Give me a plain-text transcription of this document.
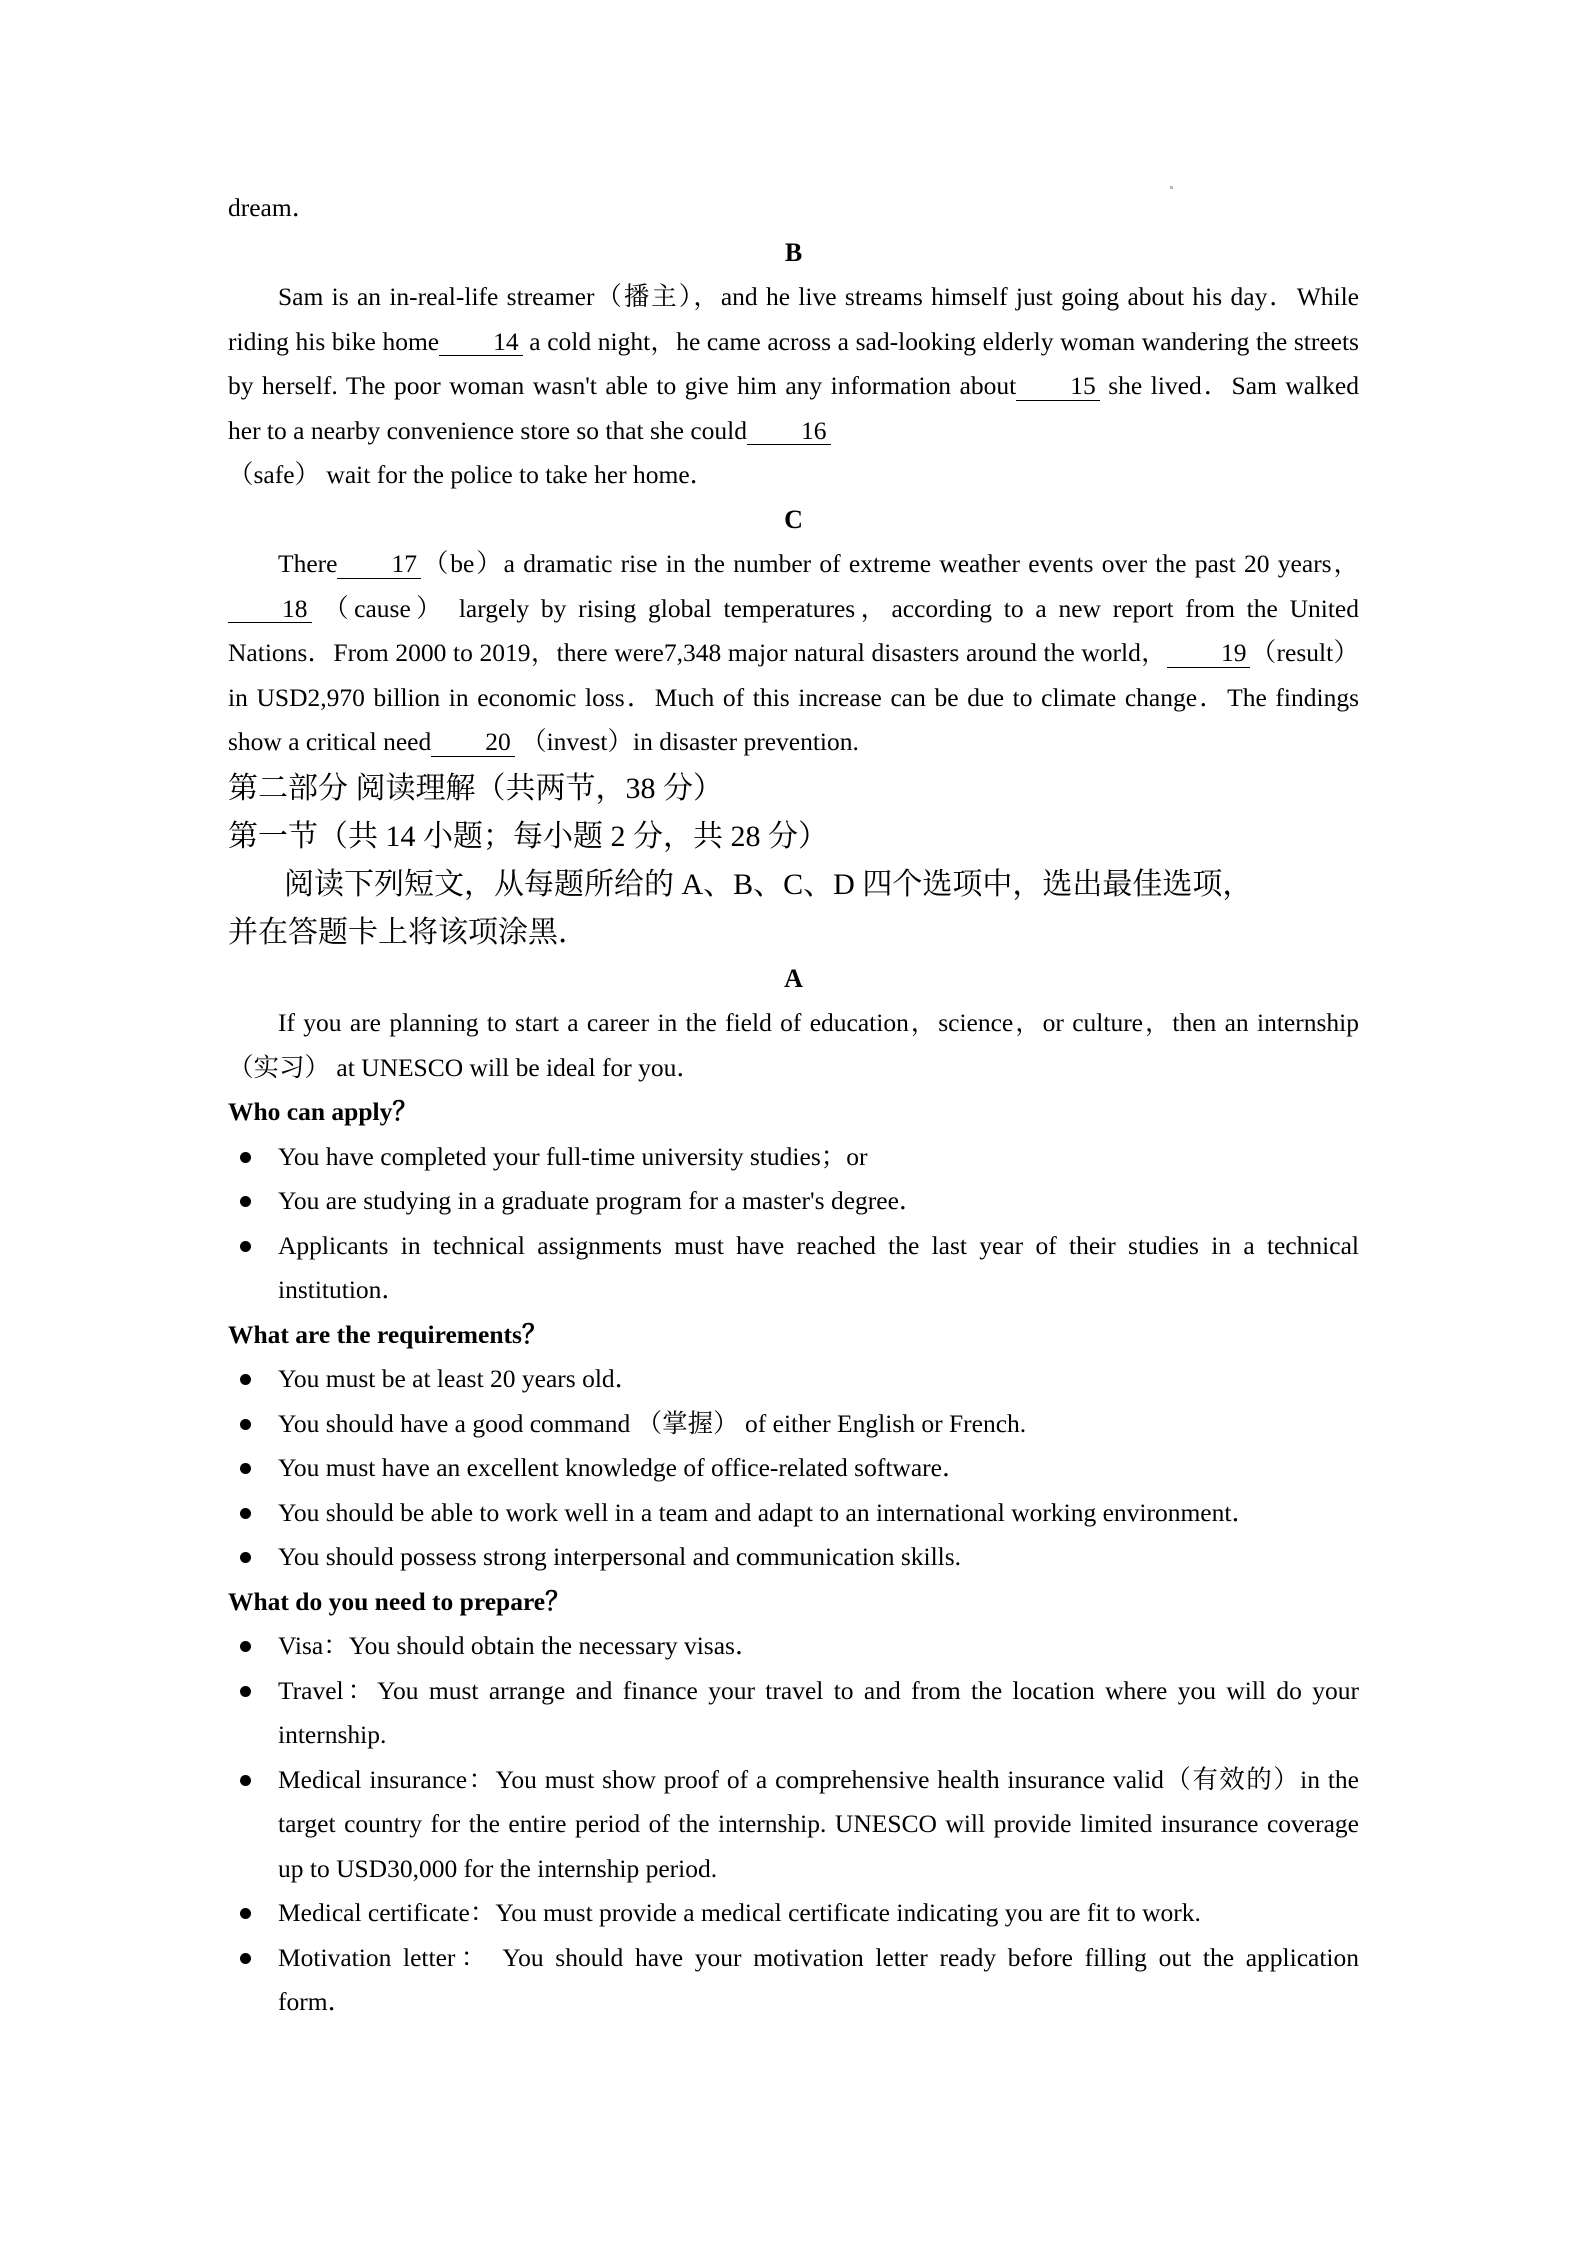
dream．

B

Sam is an in-real-life streamer（播主），and he live streams himself just going about his day．While riding his bike home 14 a cold night，he came across a sad-looking elderly woman wandering the streets by herself. The poor woman wasn't able to give him any information about 15 she lived．Sam walked her to a nearby convenience store so that she could 16

（safe） wait for the police to take her home．

C

There 17 （be）a dramatic rise in the number of extreme weather events over the past 20 years，18 （cause） largely by rising global temperatures，according to a new report from the United Nations．From 2000 to 2019，there were7,348 major natural disasters around the world， 19 （result） in USD2,970 billion in economic loss．Much of this increase can be due to climate change．The findings show a critical need 20 （invest）in disaster prevention.

第二部分 阅读理解（共两节，38 分）

第一节（共 14 小题；每小题 2 分，共 28 分）

阅读下列短文，从每题所给的 A、B、C、D 四个选项中，选出最佳选项，

并在答题卡上将该项涂黑．

A

If you are planning to start a career in the field of education，science，or culture，then an internship（实习） at UNESCO will be ideal for you．

Who can apply？

You have completed your full-time university studies；or
You are studying in a graduate program for a master's degree．
Applicants in technical assignments must have reached the last year of their studies in a technical institution．

What are the requirements？

You must be at least 20 years old．
You should have a good command （掌握） of either English or French.
You must have an excellent knowledge of office-related software．
You should be able to work well in a team and adapt to an international working environment．
You should possess strong interpersonal and communication skills.

What do you need to prepare？

Visa：You should obtain the necessary visas．
Travel：You must arrange and finance your travel to and from the location where you will do your internship.
Medical insurance：You must show proof of a comprehensive health insurance valid（有效的）in the target country for the entire period of the internship. UNESCO will provide limited insurance coverage up to USD30,000 for the internship period.
Medical certificate：You must provide a medical certificate indicating you are fit to work.
Motivation letter： You should have your motivation letter ready before filling out the application form．
